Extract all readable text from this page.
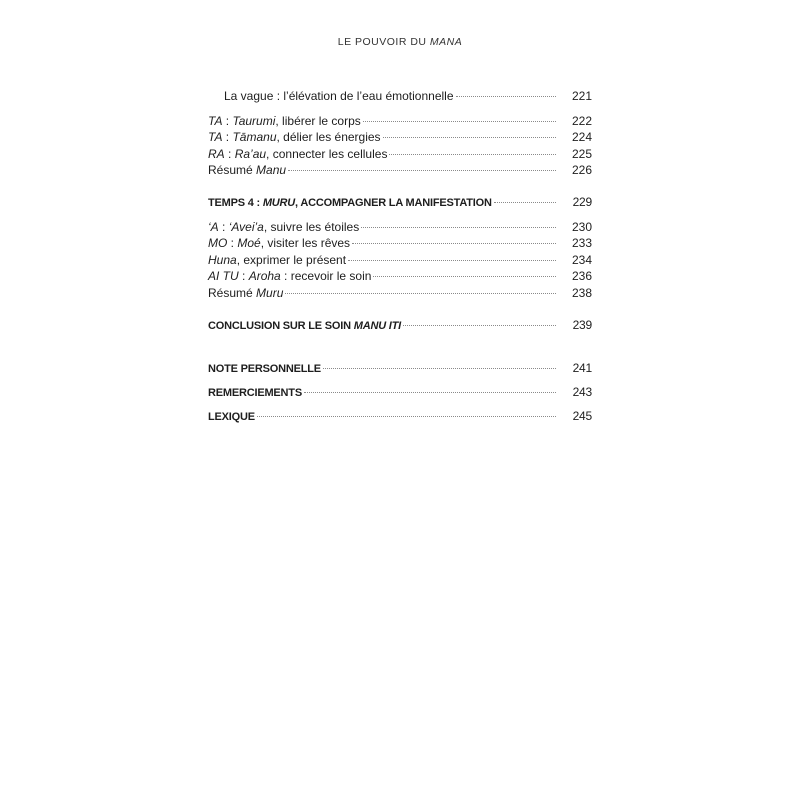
LE POUVOIR DU MANA
La vague : l’élévation de l’eau émotionnelle	221
TA : Taurumi, libérer le corps	222
TA : Tāmanu, délier les énergies	224
RA : Ra’au, connecter les cellules	225
Résumé Manu	226
TEMPS 4 : MURU, ACCOMPAGNER LA MANIFESTATION	229
‘A : ‘Avei’a, suivre les étoiles	230
MO : Moé, visiter les rêves	233
Huna, exprimer le présent	234
AI TU : Aroha : recevoir le soin	236
Résumé Muru	238
CONCLUSION SUR LE SOIN MANU ITI	239
NOTE PERSONNELLE	241
REMERCIEMENTS	243
LEXIQUE	245
